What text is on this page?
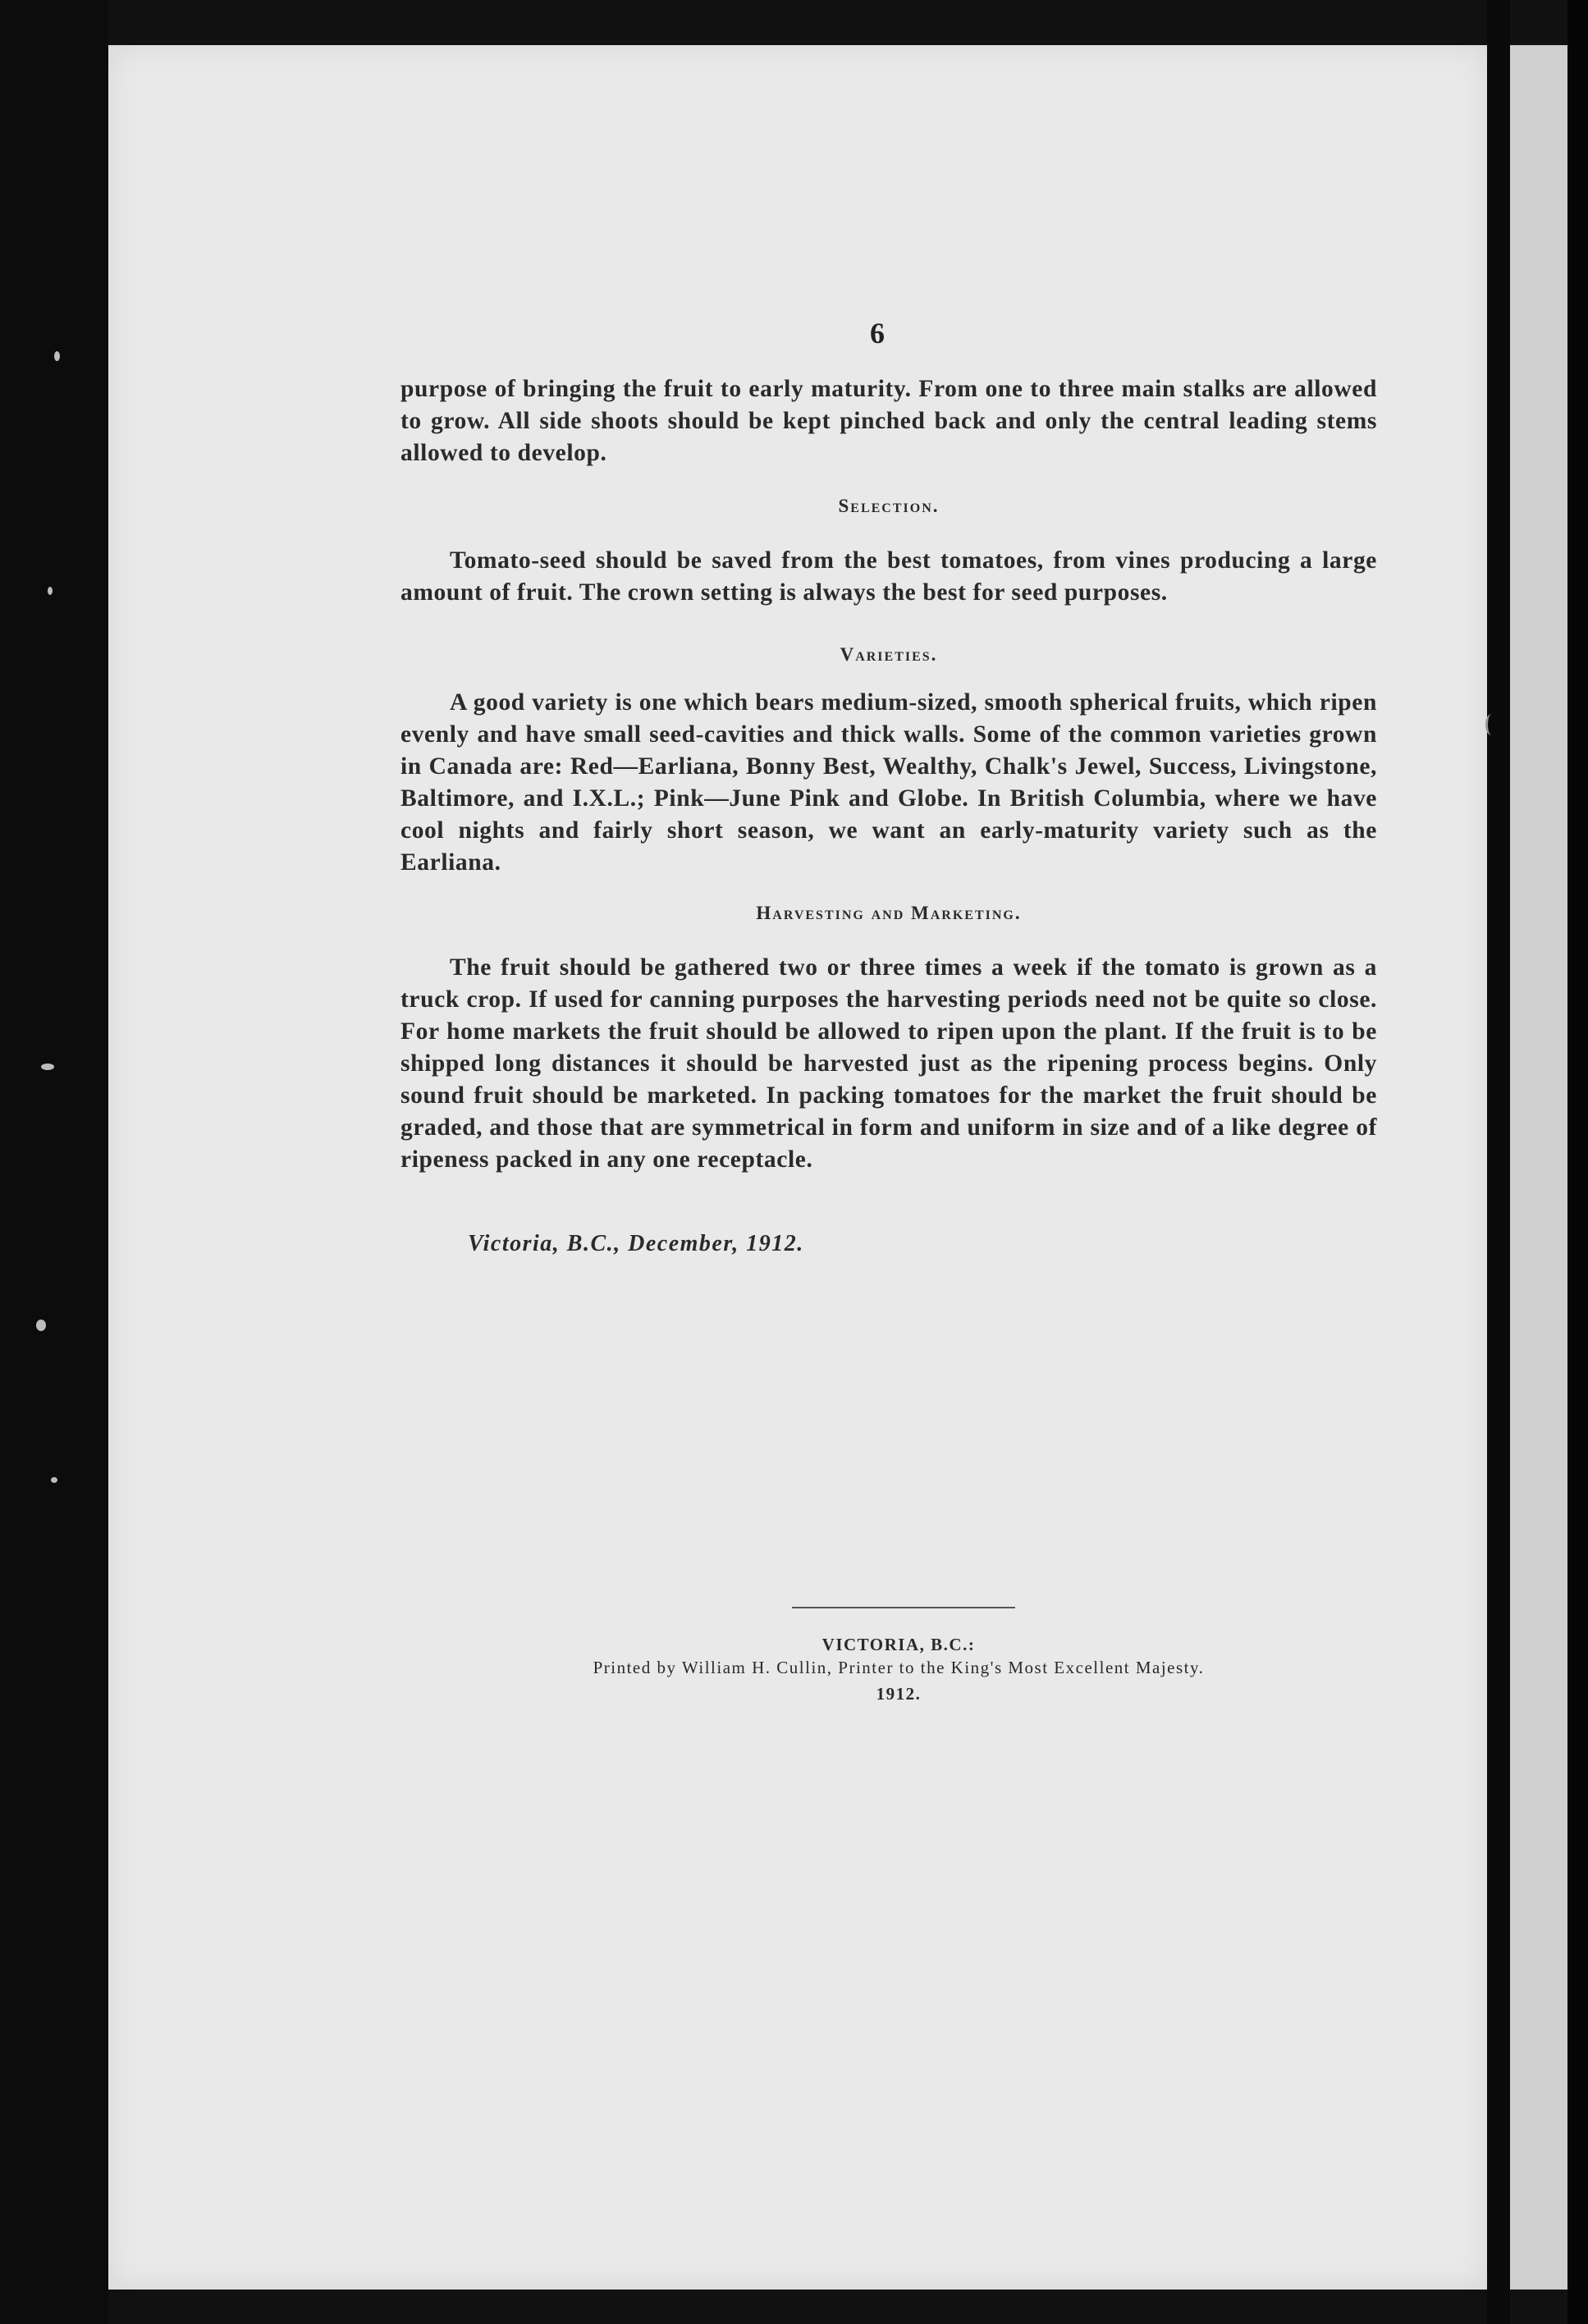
6
purpose of bringing the fruit to early maturity. From one to three main stalks are allowed to grow. All side shoots should be kept pinched back and only the central leading stems allowed to develop.
Selection.
Tomato-seed should be saved from the best tomatoes, from vines producing a large amount of fruit. The crown setting is always the best for seed purposes.
Varieties.
A good variety is one which bears medium-sized, smooth spherical fruits, which ripen evenly and have small seed-cavities and thick walls. Some of the common varieties grown in Canada are: Red—Earliana, Bonny Best, Wealthy, Chalk's Jewel, Success, Livingstone, Baltimore, and I.X.L.; Pink—June Pink and Globe. In British Columbia, where we have cool nights and fairly short season, we want an early-maturity variety such as the Earliana.
Harvesting and Marketing.
The fruit should be gathered two or three times a week if the tomato is grown as a truck crop. If used for canning purposes the harvesting periods need not be quite so close. For home markets the fruit should be allowed to ripen upon the plant. If the fruit is to be shipped long distances it should be harvested just as the ripening process begins. Only sound fruit should be marketed. In packing tomatoes for the market the fruit should be graded, and those that are symmetrical in form and uniform in size and of a like degree of ripeness packed in any one receptacle.
Victoria, B.C., December, 1912.
VICTORIA, B.C.:
Printed by William H. Cullin, Printer to the King's Most Excellent Majesty.
1912.
